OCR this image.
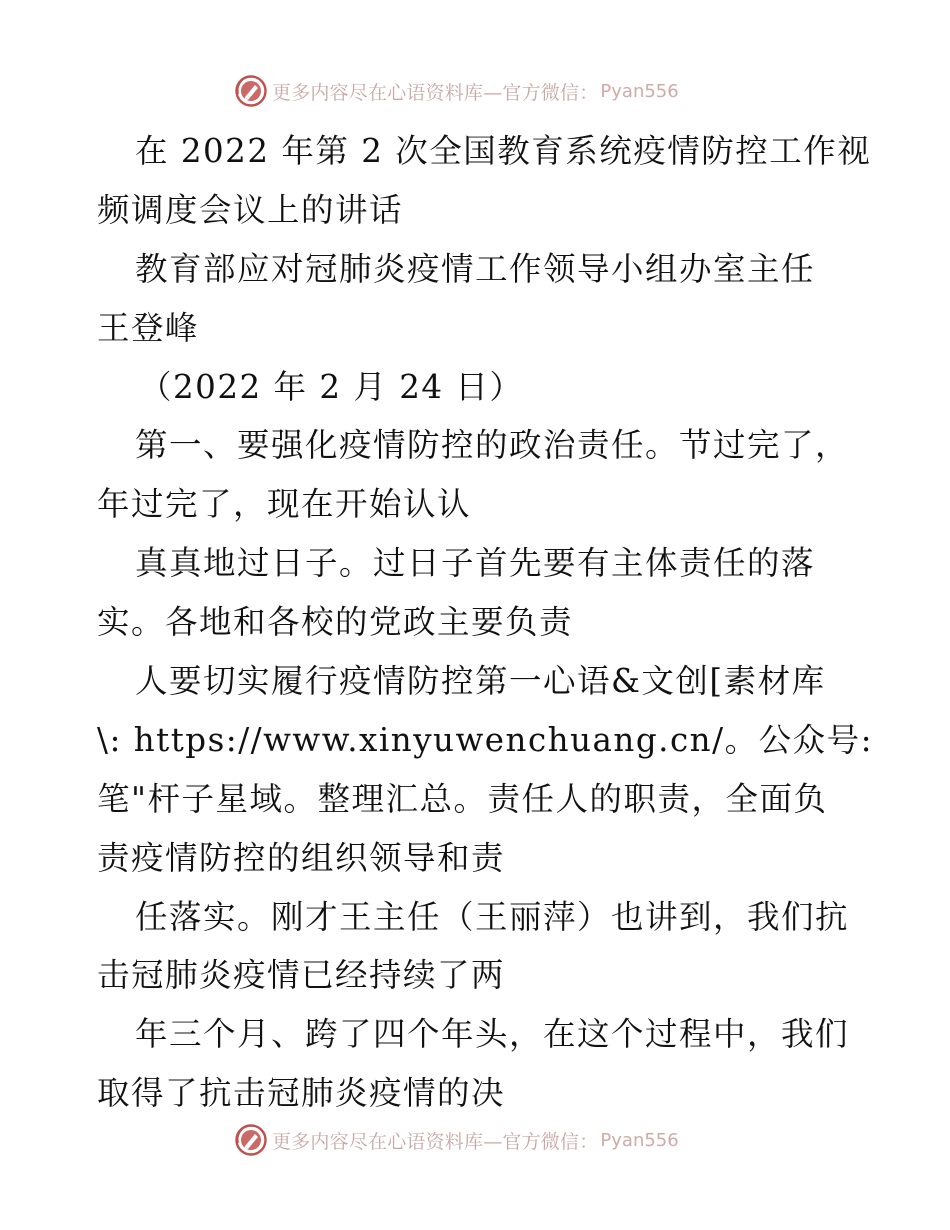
更多内容尽在心语资料库—官方微信： Pyan556
在 2022 年第 2 次全国教育系统疫情防控工作视
频调度会议上的讲话
教育部应对冠肺炎疫情工作领导小组办室主任
王登峰
（2022 年 2 月 24 日）
第一、要强化疫情防控的政治责任。节过完了，
年过完了，现在开始认认
真真地过日子。过日子首先要有主体责任的落
实。各地和各校的党政主要负责
人要切实履行疫情防控第一心语&文创[素材库
\: https://www.xinyuwenchuang.cn/。公众号:
笔"杆子星域。整理汇总。责任人的职责，全面负
责疫情防控的组织领导和责
任落实。刚才王主任（王丽萍）也讲到，我们抗
击冠肺炎疫情已经持续了两
年三个月、跨了四个年头，在这个过程中，我们
取得了抗击冠肺炎疫情的决
更多内容尽在心语资料库—官方微信： Pyan556
